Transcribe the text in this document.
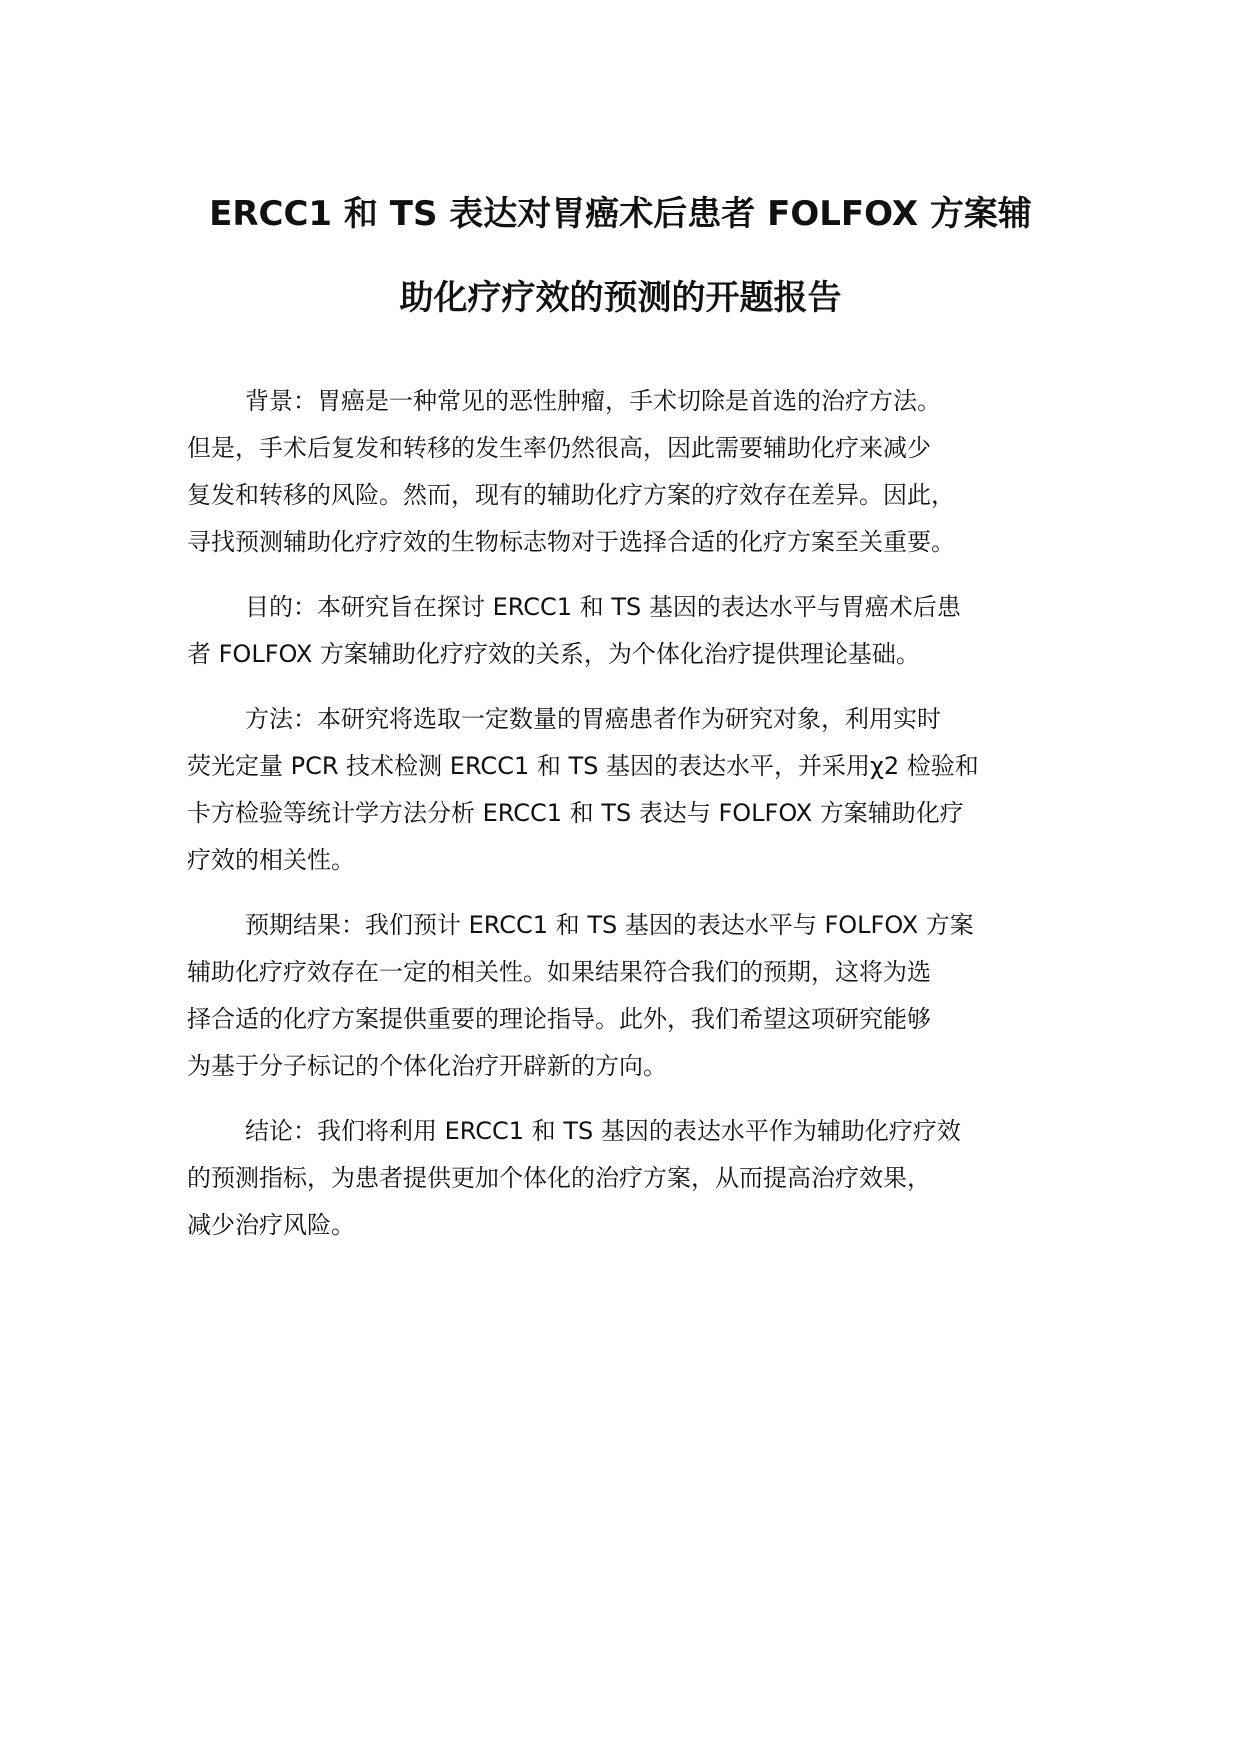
ERCC1 和 TS 表达对胃癌术后患者 FOLFOX 方案辅
助化疗疗效的预测的开题报告

背景：胃癌是一种常见的恶性肿瘤，手术切除是首选的治疗方法。
但是，手术后复发和转移的发生率仍然很高，因此需要辅助化疗来减少
复发和转移的风险。然而，现有的辅助化疗方案的疗效存在差异。因此，
寻找预测辅助化疗疗效的生物标志物对于选择合适的化疗方案至关重要。

目的：本研究旨在探讨 ERCC1 和 TS 基因的表达水平与胃癌术后患
者 FOLFOX 方案辅助化疗疗效的关系，为个体化治疗提供理论基础。

方法：本研究将选取一定数量的胃癌患者作为研究对象，利用实时
荧光定量 PCR 技术检测 ERCC1 和 TS 基因的表达水平，并采用χ2 检验和
卡方检验等统计学方法分析 ERCC1 和 TS 表达与 FOLFOX 方案辅助化疗
疗效的相关性。

预期结果：我们预计 ERCC1 和 TS 基因的表达水平与 FOLFOX 方案
辅助化疗疗效存在一定的相关性。如果结果符合我们的预期，这将为选
择合适的化疗方案提供重要的理论指导。此外，我们希望这项研究能够
为基于分子标记的个体化治疗开辟新的方向。

结论：我们将利用 ERCC1 和 TS 基因的表达水平作为辅助化疗疗效
的预测指标，为患者提供更加个体化的治疗方案，从而提高治疗效果，
减少治疗风险。
